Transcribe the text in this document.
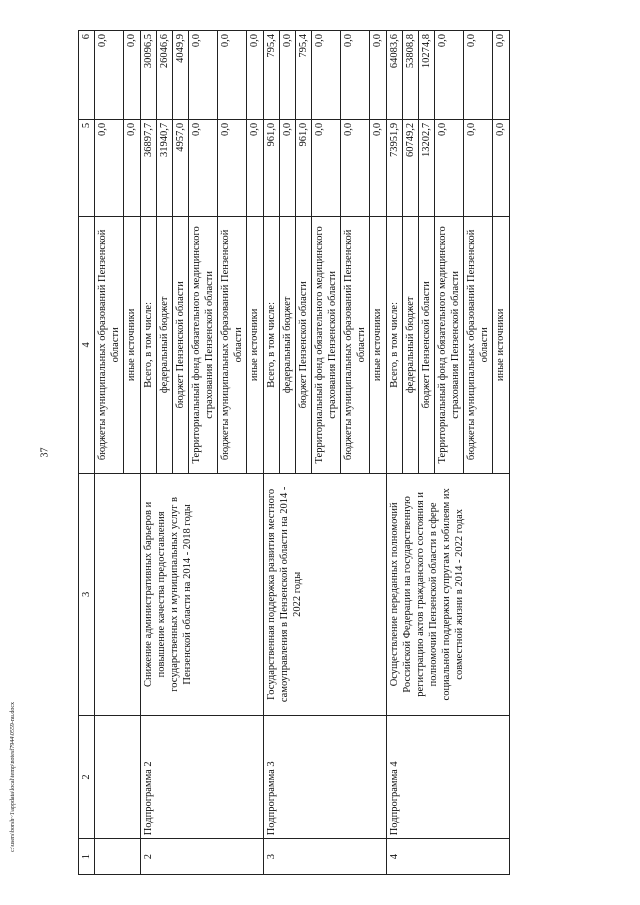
37
c:\users\borsh~1\appdata\local\temp\notesf7944\0559-nu.docx
1	2	3	4	5	6
			бюджеты муниципальных образований Пензенской области	0,0	0,0
			иные источники	0,0	0,0
2	Подпрограмма 2	Снижение административных барьеров и повышение качества предоставления государственных и муниципальных услуг в Пензенской области на 2014 - 2018 годы	Всего, в том числе:	36897,7	30096,5
			федеральный бюджет	31940,7	26046,6
			бюджет Пензенской области	4957,0	4049,9
			Территориальный фонд обязательного медицинского страхования Пензенской области	0,0	0,0
			бюджеты муниципальных образований Пензенской области	0,0	0,0
			иные источники	0,0	0,0
3	Подпрограмма 3	Государственная поддержка развития местного самоуправления в Пензенской области на 2014 - 2022 годы	Всего, в том числе:	961,0	795,4
			федеральный бюджет	0,0	0,0
			бюджет Пензенской области	961,0	795,4
			Территориальный фонд обязательного медицинского страхования Пензенской области	0,0	0,0
			бюджеты муниципальных образований Пензенской области	0,0	0,0
			иные источники	0,0	0,0
4	Подпрограмма 4	Осуществление переданных полномочий Российской Федерации на государственную регистрацию актов гражданского состояния и полномочий Пензенской области в сфере социальной поддержки супругам к юбилеям их совместной жизни в 2014 - 2022 годах	Всего, в том числе:	73951,9	64083,6
			федеральный бюджет	60749,2	53808,8
			бюджет Пензенской области	13202,7	10274,8
			Территориальный фонд обязательного медицинского страхования Пензенской области	0,0	0,0
			бюджеты муниципальных образований Пензенской области	0,0	0,0
			иные источники	0,0	0,0
